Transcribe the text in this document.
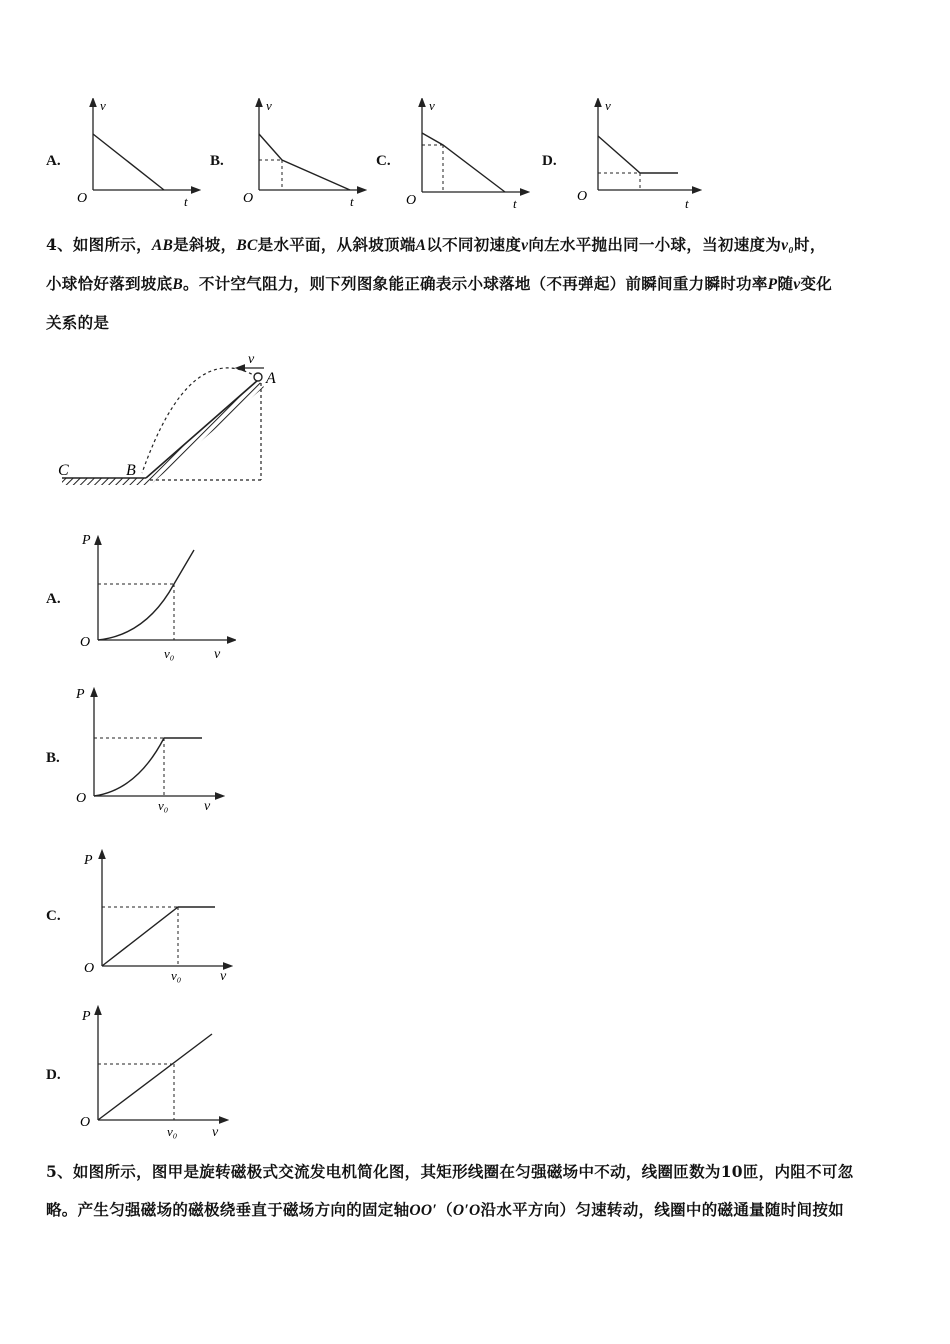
A.
v
t
O
B.
v
t
O
C.
v
t
O
D.
v
t
O
4、如图所示，AB是斜坡，BC是水平面，从斜坡顶端A以不同初速度v向左水平抛出同一小球，当初速度为v₀时，
小球恰好落到坡底B。不计空气阻力，则下列图象能正确表示小球落地（不再弹起）前瞬间重力瞬时功率P随v变化
关系的是
v
A
B
C
A.
P
v
O
v₀
B.
P
v
O	v₀
C.
P
v
O	v₀
D.
P
v
O
v₀
5、如图所示，图甲是旋转磁极式交流发电机简化图，其矩形线圈在匀强磁场中不动，线圈匝数为10匝，内阻不可忽
略。产生匀强磁场的磁极绕垂直于磁场方向的固定轴OO′（O′O沿水平方向）匀速转动，线圈中的磁通量随时间按如
